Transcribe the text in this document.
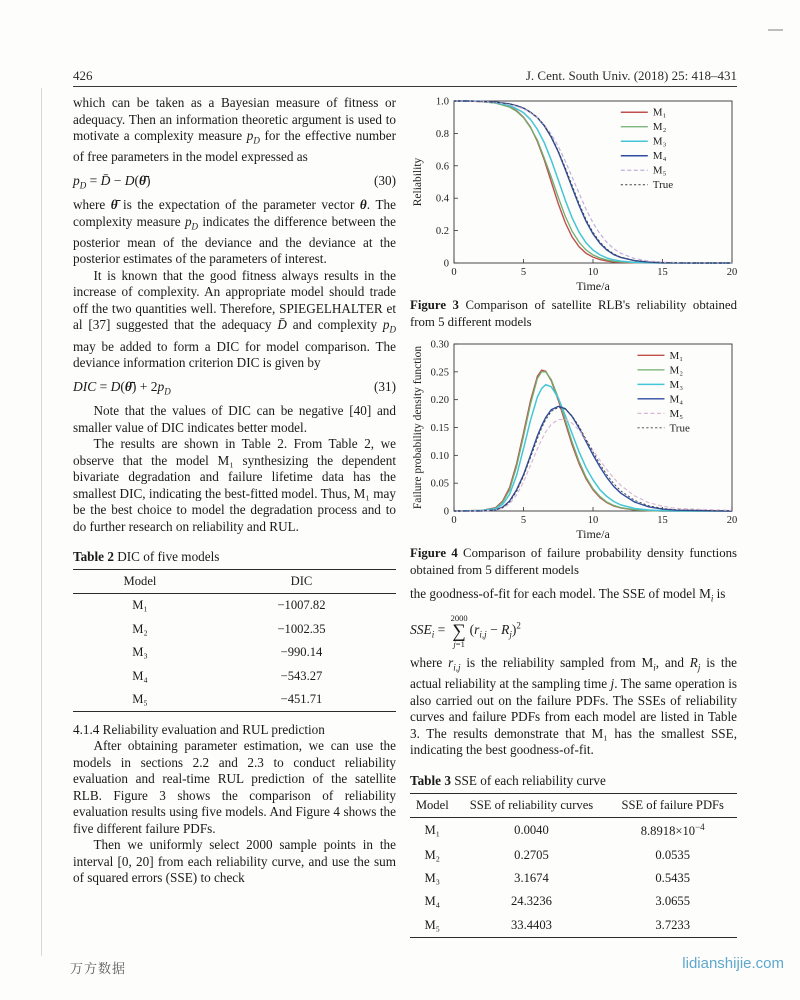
426	J. Cent. South Univ. (2018) 25: 418–431

which can be taken as a Bayesian measure of fitness or adequacy. Then an information theoretic argument is used to motivate a complexity measure $p_D$ for the effective number of free parameters in the model expressed as

$p_D$ = D̄ − D(θ̄)	(30)

where θ̄ is the expectation of the parameter vector θ. The complexity measure $p_D$ indicates the difference between the posterior mean of the deviance and the deviance at the posterior estimates of the parameters of interest.

It is known that the good fitness always results in the increase of complexity. An appropriate model should trade off the two quantities well. Therefore, SPIEGELHALTER et al [37] suggested that the adequacy D̄ and complexity $p_D$ may be added to form a DIC for model comparison. The deviance information criterion DIC is given by

DIC = D(θ̄) + $2p_D$	(31)

Note that the values of DIC can be negative [40] and smaller value of DIC indicates better model.

The results are shown in Table 2. From Table 2, we observe that the model M₁ synthesizing the dependent bivariate degradation and failure lifetime data has the smallest DIC, indicating the best-fitted model. Thus, M₁ may be the best choice to model the degradation process and to do further research on reliability and RUL.

Table 2 DIC of five models
Model	DIC
M₁	−1007.82
M₂	−1002.35
M₃	−990.14
M₄	−543.27
M₅	−451.71

4.1.4 Reliability evaluation and RUL prediction

After obtaining parameter estimation, we can use the models in sections 2.2 and 2.3 to conduct reliability evaluation and real-time RUL prediction of the satellite RLB. Figure 3 shows the comparison of reliability evaluation results using five models. And Figure 4 shows the five different failure PDFs.

Then we uniformly select 2000 sample points in the interval [0, 20] from each reliability curve, and use the sum of squared errors (SSE) to check

0	5	10	15	20
0
0.2
0.4
0.6
0.8
1.0
Time/a
Reliability
M₁
M₂
M₃
M₄
M₅
True

Figure 3 Comparison of satellite RLB's reliability obtained from 5 different models

0	5	10	15	20
0
0.05
0.10
0.15
0.20
0.25
0.30
Time/a
Failure probability density function	M₁
M₂
M₃
M₄
M₅
True

Figure 4 Comparison of failure probability density functions obtained from 5 different models

the goodness-of-fit for each model. The SSE of model $M_i$ is

$SSE_i$ =
2000
∑
j=1
$(r_{i,j} - R_j)^2$

where $r_{i,j}$ is the reliability sampled from $M_i$, and $R_j$ is the actual reliability at the sampling time j. The same operation is also carried out on the failure PDFs. The SSEs of reliability curves and failure PDFs from each model are listed in Table 3. The results demonstrate that M₁ has the smallest SSE, indicating the best goodness-of-fit.

Table 3 SSE of each reliability curve
Model	SSE of reliability curves	SSE of failure PDFs
M₁	0.0040	$8.8918\times 10^{-4}$
M₂	0.2705	0.0535
M₃	3.1674	0.5435
M₄	24.3236	3.0655
M₅	33.4403	3.7233
万方数据	lidianshijie.com
